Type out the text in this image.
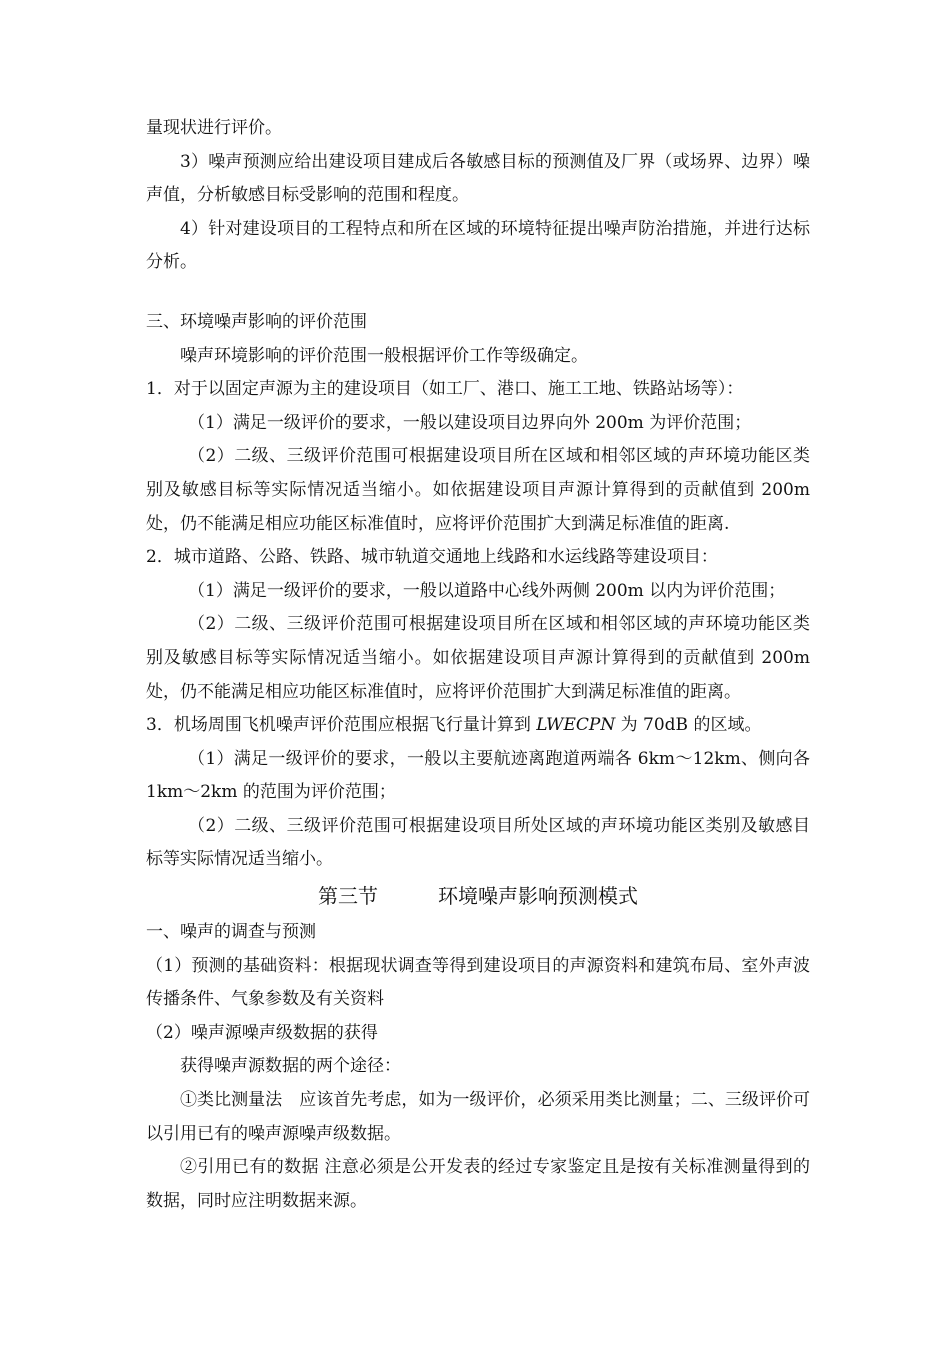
量现状进行评价。

3）噪声预测应给出建设项目建成后各敏感目标的预测值及厂界（或场界、边界）噪声值，分析敏感目标受影响的范围和程度。

4）针对建设项目的工程特点和所在区域的环境特征提出噪声防治措施，并进行达标分析。

三、环境噪声影响的评价范围

噪声环境影响的评价范围一般根据评价工作等级确定。

1．对于以固定声源为主的建设项目（如工厂、港口、施工工地、铁路站场等）：

（1）满足一级评价的要求，一般以建设项目边界向外 200m 为评价范围；

（2）二级、三级评价范围可根据建设项目所在区域和相邻区域的声环境功能区类别及敏感目标等实际情况适当缩小。如依据建设项目声源计算得到的贡献值到 200m 处，仍不能满足相应功能区标准值时，应将评价范围扩大到满足标准值的距离.

2．城市道路、公路、铁路、城市轨道交通地上线路和水运线路等建设项目：

（1）满足一级评价的要求，一般以道路中心线外两侧 200m 以内为评价范围；

（2）二级、三级评价范围可根据建设项目所在区域和相邻区域的声环境功能区类别及敏感目标等实际情况适当缩小。如依据建设项目声源计算得到的贡献值到 200m 处，仍不能满足相应功能区标准值时，应将评价范围扩大到满足标准值的距离。

3．机场周围飞机噪声评价范围应根据飞行量计算到 LWECPN 为 70dB 的区域。

（1）满足一级评价的要求，一般以主要航迹离跑道两端各 6km～12km、侧向各 1km～2km 的范围为评价范围；

（2）二级、三级评价范围可根据建设项目所处区域的声环境功能区类别及敏感目标等实际情况适当缩小。

第三节	环境噪声影响预测模式

一、噪声的调查与预测

（1）预测的基础资料：根据现状调查等得到建设项目的声源资料和建筑布局、室外声波传播条件、气象参数及有关资料

（2）噪声源噪声级数据的获得

获得噪声源数据的两个途径：

①类比测量法　应该首先考虑，如为一级评价，必须采用类比测量；二、三级评价可以引用已有的噪声源噪声级数据。

②引用已有的数据 注意必须是公开发表的经过专家鉴定且是按有关标准测量得到的数据，同时应注明数据来源。
